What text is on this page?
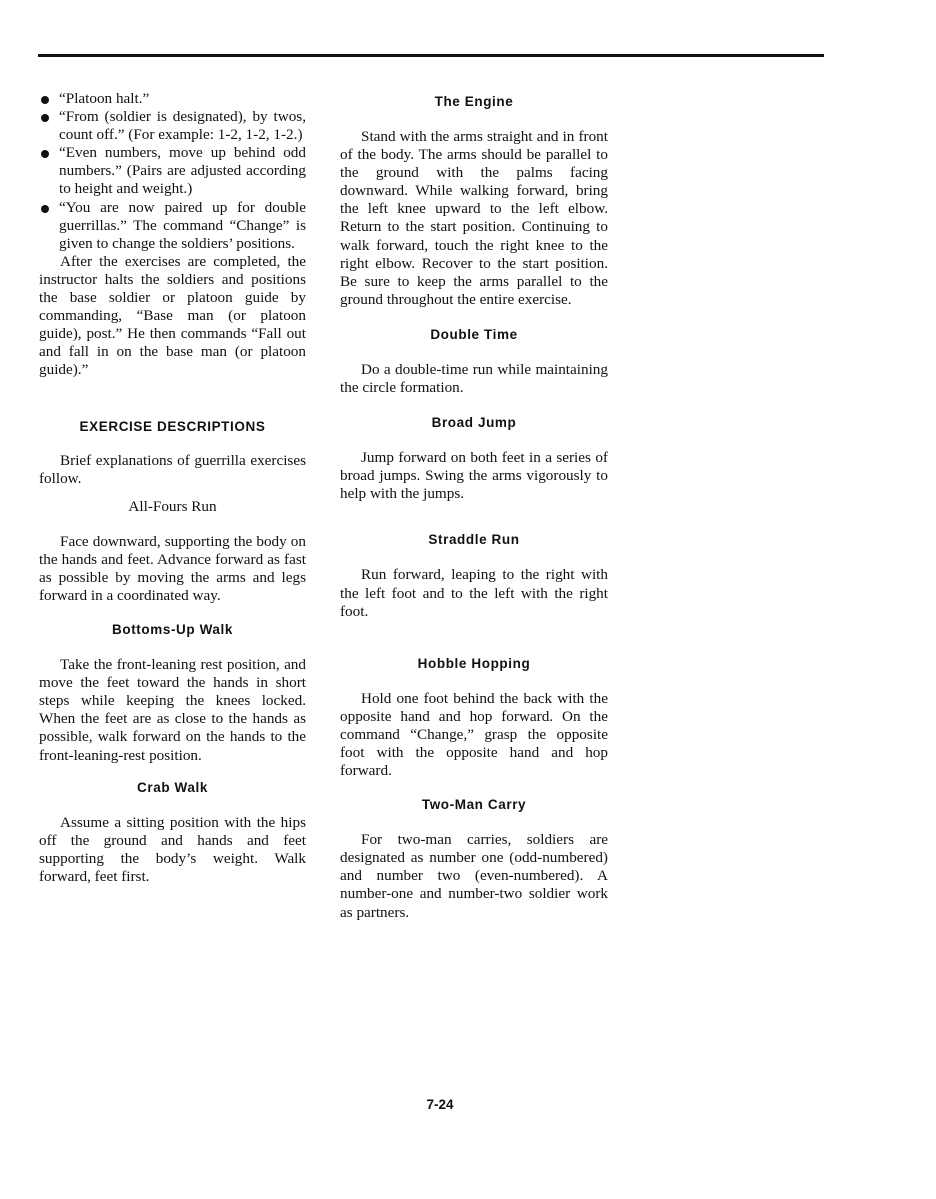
“Platoon halt.”
“From (soldier is designated), by twos, count off.” (For example: 1-2, 1-2, 1-2.)
“Even numbers, move up behind odd numbers.” (Pairs are adjusted according to height and weight.)
“You are now paired up for double guerrillas.” The command “Change” is given to change the soldiers’ positions.

After the exercises are completed, the instructor halts the soldiers and positions the base soldier or platoon guide by commanding, “Base man (or platoon guide), post.” He then commands “Fall out and fall in on the base man (or platoon guide).”

EXERCISE DESCRIPTIONS

Brief explanations of guerrilla exercises follow.

All-Fours Run

Face downward, supporting the body on the hands and feet. Advance forward as fast as possible by moving the arms and legs forward in a coordinated way.

Bottoms-Up Walk

Take the front-leaning rest position, and move the feet toward the hands in short steps while keeping the knees locked. When the feet are as close to the hands as possible, walk forward on the hands to the front-leaning-rest position.

Crab Walk

Assume a sitting position with the hips off the ground and hands and feet supporting the body’s weight. Walk forward, feet first.

The Engine

Stand with the arms straight and in front of the body. The arms should be parallel to the ground with the palms facing downward. While walking forward, bring the left knee upward to the left elbow. Return to the start position. Continuing to walk forward, touch the right knee to the right elbow. Recover to the start position. Be sure to keep the arms parallel to the ground throughout the entire exercise.

Double Time

Do a double-time run while maintaining the circle formation.

Broad Jump

Jump forward on both feet in a series of broad jumps. Swing the arms vigorously to help with the jumps.

Straddle Run

Run forward, leaping to the right with the left foot and to the left with the right foot.

Hobble Hopping

Hold one foot behind the back with the opposite hand and hop forward. On the command “Change,” grasp the opposite foot with the opposite hand and hop forward.

Two-Man Carry

For two-man carries, soldiers are designated as number one (odd-numbered) and number two (even-numbered). A number-one and number-two soldier work as partners.

7-24
